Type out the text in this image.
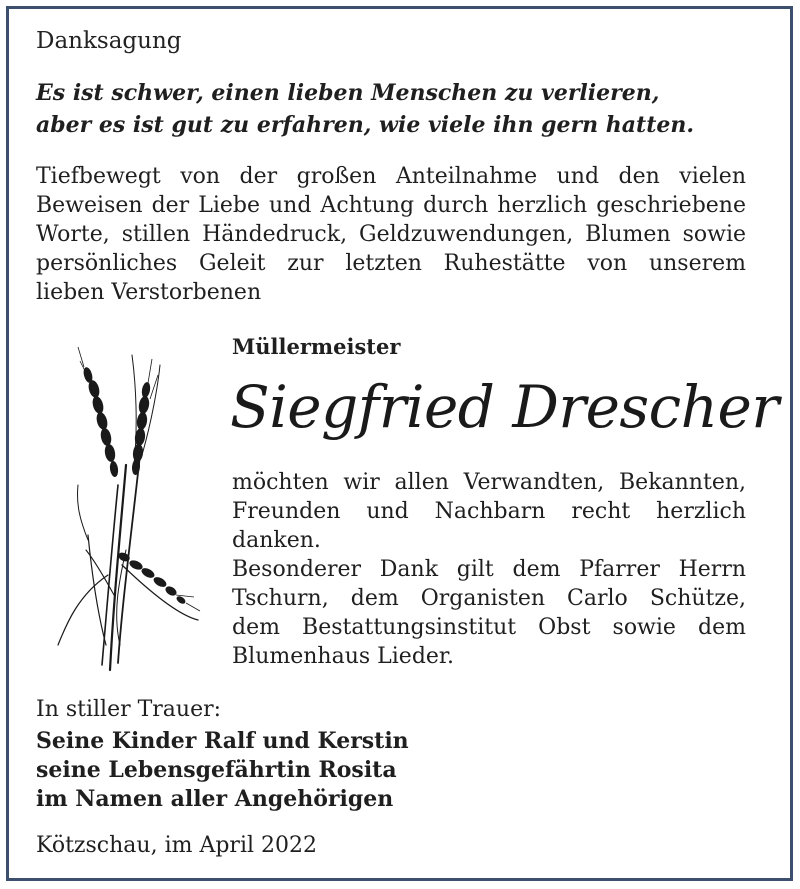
Danksagung
Es ist schwer, einen lieben Menschen zu verlieren,
aber es ist gut zu erfahren, wie viele ihn gern hatten.
Tiefbewegt von der großen Anteilnahme und den vielen
Beweisen der Liebe und Achtung durch herzlich geschriebene
Worte, stillen Händedruck, Geldzuwendungen, Blumen sowie
persönliches Geleit zur letzten Ruhestätte von unserem
lieben Verstorbenen
Müllermeister
Siegfried Drescher
möchten wir allen Verwandten, Bekannten,
Freunden und Nachbarn recht herzlich
danken.
Besonderer Dank gilt dem Pfarrer Herrn
Tschurn, dem Organisten Carlo Schütze,
dem Bestattungsinstitut Obst sowie dem
Blumenhaus Lieder.
In stiller Trauer:
Seine Kinder Ralf und Kerstin
seine Lebensgefährtin Rosita
im Namen aller Angehörigen
Kötzschau, im April 2022
